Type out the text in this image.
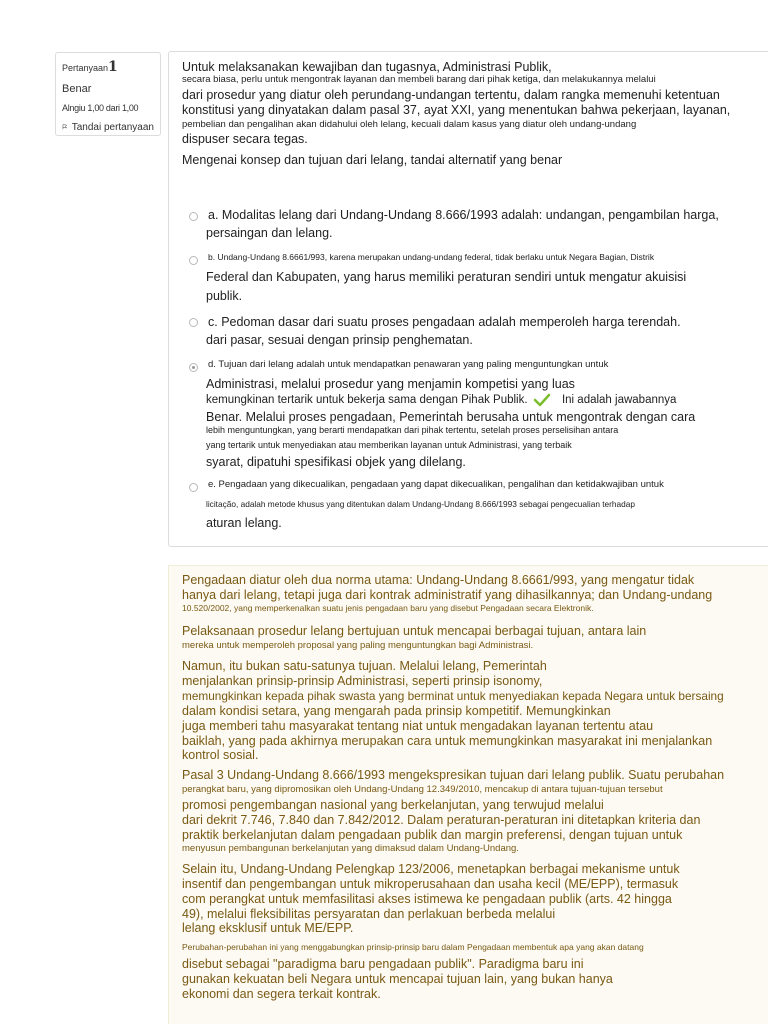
Pertanyaan1
Benar
Alngiu 1,00 dari 1,00
Tandai pertanyaan
Untuk melaksanakan kewajiban dan tugasnya, Administrasi Publik,
secara biasa, perlu untuk mengontrak layanan dan membeli barang dari pihak ketiga, dan melakukannya melalui
dari prosedur yang diatur oleh perundang-undangan tertentu, dalam rangka memenuhi ketentuan
konstitusi yang dinyatakan dalam pasal 37, ayat XXI, yang menentukan bahwa pekerjaan, layanan,
pembelian dan pengalihan akan didahului oleh lelang, kecuali dalam kasus yang diatur oleh undang-undang
dispuser secara tegas.
Mengenai konsep dan tujuan dari lelang, tandai alternatif yang benar
a. Modalitas lelang dari Undang-Undang 8.666/1993 adalah: undangan, pengambilan harga,
persaingan dan lelang.
b. Undang-Undang 8.6661/993, karena merupakan undang-undang federal, tidak berlaku untuk Negara Bagian, Distrik
Federal dan Kabupaten, yang harus memiliki peraturan sendiri untuk mengatur akuisisi
publik.
c. Pedoman dasar dari suatu proses pengadaan adalah memperoleh harga terendah.
dari pasar, sesuai dengan prinsip penghematan.
d. Tujuan dari lelang adalah untuk mendapatkan penawaran yang paling menguntungkan untuk
Administrasi, melalui prosedur yang menjamin kompetisi yang luas
kemungkinan tertarik untuk bekerja sama dengan Pihak Publik.	Ini adalah jawabannya
Benar. Melalui proses pengadaan, Pemerintah berusaha untuk mengontrak dengan cara
lebih menguntungkan, yang berarti mendapatkan dari pihak tertentu, setelah proses perselisihan antara
yang tertarik untuk menyediakan atau memberikan layanan untuk Administrasi, yang terbaik
syarat, dipatuhi spesifikasi objek yang dilelang.
e. Pengadaan yang dikecualikan, pengadaan yang dapat dikecualikan, pengalihan dan ketidakwajiban untuk
licitação, adalah metode khusus yang ditentukan dalam Undang-Undang 8.666/1993 sebagai pengecualian terhadap
aturan lelang.
Pengadaan diatur oleh dua norma utama: Undang-Undang 8.6661/993, yang mengatur tidak
hanya dari lelang, tetapi juga dari kontrak administratif yang dihasilkannya; dan Undang-undang
10.520/2002, yang memperkenalkan suatu jenis pengadaan baru yang disebut Pengadaan secara Elektronik.
Pelaksanaan prosedur lelang bertujuan untuk mencapai berbagai tujuan, antara lain
mereka untuk memperoleh proposal yang paling menguntungkan bagi Administrasi.
Namun, itu bukan satu-satunya tujuan. Melalui lelang, Pemerintah
menjalankan prinsip-prinsip Administrasi, seperti prinsip isonomy,
memungkinkan kepada pihak swasta yang berminat untuk menyediakan kepada Negara untuk bersaing
dalam kondisi setara, yang mengarah pada prinsip kompetitif. Memungkinkan
juga memberi tahu masyarakat tentang niat untuk mengadakan layanan tertentu atau
baiklah, yang pada akhirnya merupakan cara untuk memungkinkan masyarakat ini menjalankan
kontrol sosial.
Pasal 3 Undang-Undang 8.666/1993 mengekspresikan tujuan dari lelang publik. Suatu perubahan
perangkat baru, yang dipromosikan oleh Undang-Undang 12.349/2010, mencakup di antara tujuan-tujuan tersebut
promosi pengembangan nasional yang berkelanjutan, yang terwujud melalui
dari dekrit 7.746, 7.840 dan 7.842/2012. Dalam peraturan-peraturan ini ditetapkan kriteria dan
praktik berkelanjutan dalam pengadaan publik dan margin preferensi, dengan tujuan untuk
menyusun pembangunan berkelanjutan yang dimaksud dalam Undang-Undang.
Selain itu, Undang-Undang Pelengkap 123/2006, menetapkan berbagai mekanisme untuk
insentif dan pengembangan untuk mikroperusahaan dan usaha kecil (ME/EPP), termasuk
com perangkat untuk memfasilitasi akses istimewa ke pengadaan publik (arts. 42 hingga
49), melalui fleksibilitas persyaratan dan perlakuan berbeda melalui
lelang eksklusif untuk ME/EPP.
Perubahan-perubahan ini yang menggabungkan prinsip-prinsip baru dalam Pengadaan membentuk apa yang akan datang
disebut sebagai "paradigma baru pengadaan publik". Paradigma baru ini
gunakan kekuatan beli Negara untuk mencapai tujuan lain, yang bukan hanya
ekonomi dan segera terkait kontrak.
